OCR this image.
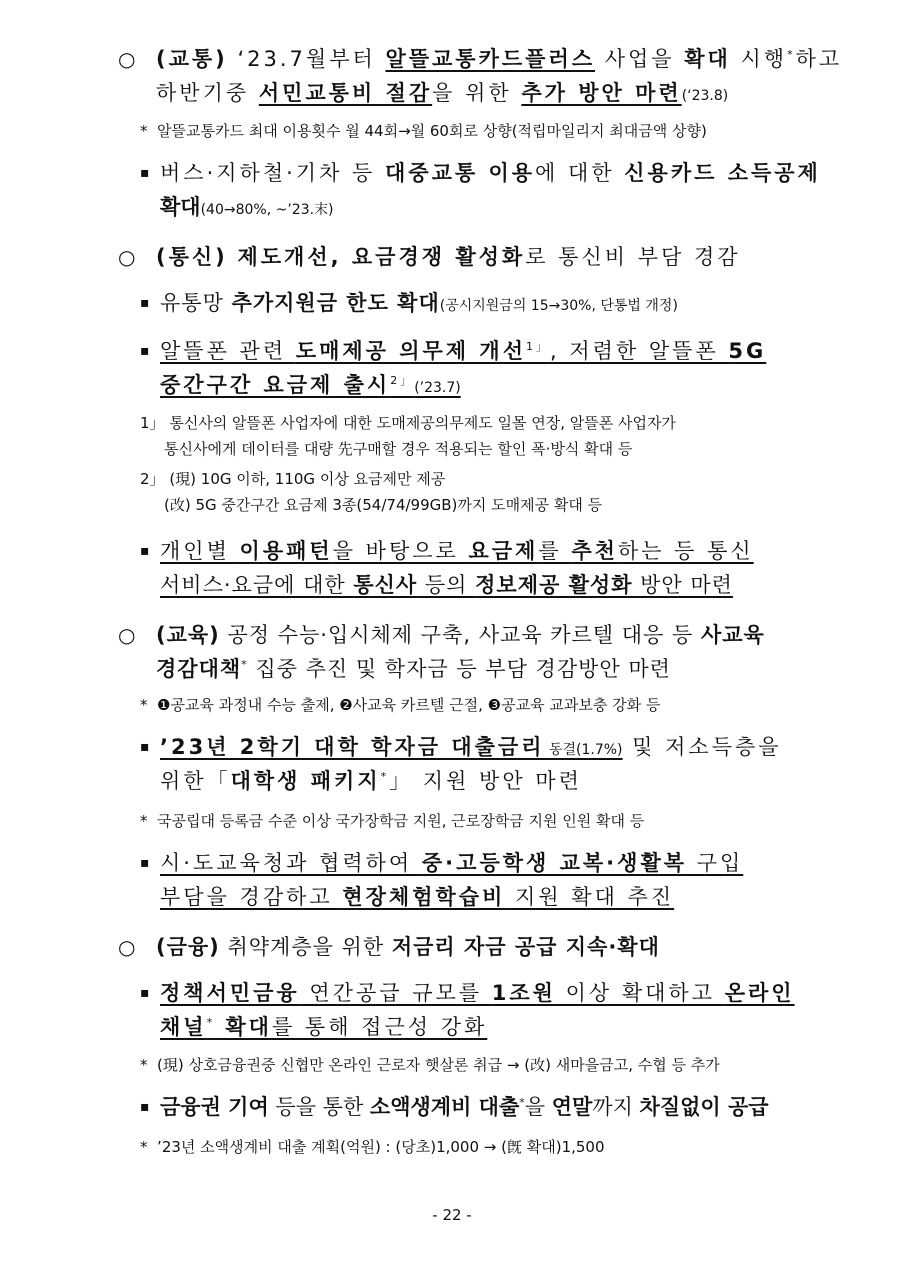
○ (교통) ‘23.7월부터 알뜰교통카드플러스 사업을 확대 시행*하고
하반기중 서민교통비 절감을 위한 추가 방안 마련(‘23.8)
* 알뜰교통카드 최대 이용횟수 월 44회→월 60회로 상향(적립마일리지 최대금액 상향)
▪ 버스·지하철·기차 등 대중교통 이용에 대한 신용카드 소득공제
확대(40→80%, ~’23.末)
○ (통신) 제도개선, 요금경쟁 활성화로 통신비 부담 경감
▪ 유통망 추가지원금 한도 확대(공시지원금의 15→30%, 단통법 개정)
▪ 알뜰폰 관련 도매제공 의무제 개선$^{1」}$, 저렴한 알뜰폰 5G
중간구간 요금제 출시$^{2」}$(’23.7)
1」 통신사의 알뜰폰 사업자에 대한 도매제공의무제도 일몰 연장, 알뜰폰 사업자가
통신사에게 데이터를 대량 先구매할 경우 적용되는 할인 폭·방식 확대 등
2」 (現) 10G 이하, 110G 이상 요금제만 제공
(改) 5G 중간구간 요금제 3종(54/74/99GB)까지 도매제공 확대 등
▪ 개인별 이용패턴을 바탕으로 요금제를 추천하는 등 통신
서비스·요금에 대한 통신사 등의 정보제공 활성화 방안 마련
○ (교육) 공정 수능·입시체제 구축, 사교육 카르텔 대응 등 사교육
경감대책* 집중 추진 및 학자금 등 부담 경감방안 마련
* ❶공교육 과정내 수능 출제, ❷사교육 카르텔 근절, ❸공교육 교과보충 강화 등
▪ ’23년 2학기 대학 학자금 대출금리 동결(1.7%) 및 저소득층을
위한「대학생 패키지*」 지원 방안 마련
* 국공립대 등록금 수준 이상 국가장학금 지원, 근로장학금 지원 인원 확대 등
▪ 시·도교육청과 협력하여 중·고등학생 교복·생활복 구입
부담을 경감하고 현장체험학습비 지원 확대 추진
○ (금융) 취약계층을 위한 저금리 자금 공급 지속·확대
▪ 정책서민금융 연간공급 규모를 1조원 이상 확대하고 온라인
채널* 확대를 통해 접근성 강화
* (現) 상호금융권중 신협만 온라인 근로자 햇살론 취급 → (改) 새마을금고, 수협 등 추가
▪ 금융권 기여 등을 통한 소액생계비 대출*을 연말까지 차질없이 공급
* ’23년 소액생계비 대출 계획(억원) : (당초)1,000 → (旣 확대)1,500
- 22 -
